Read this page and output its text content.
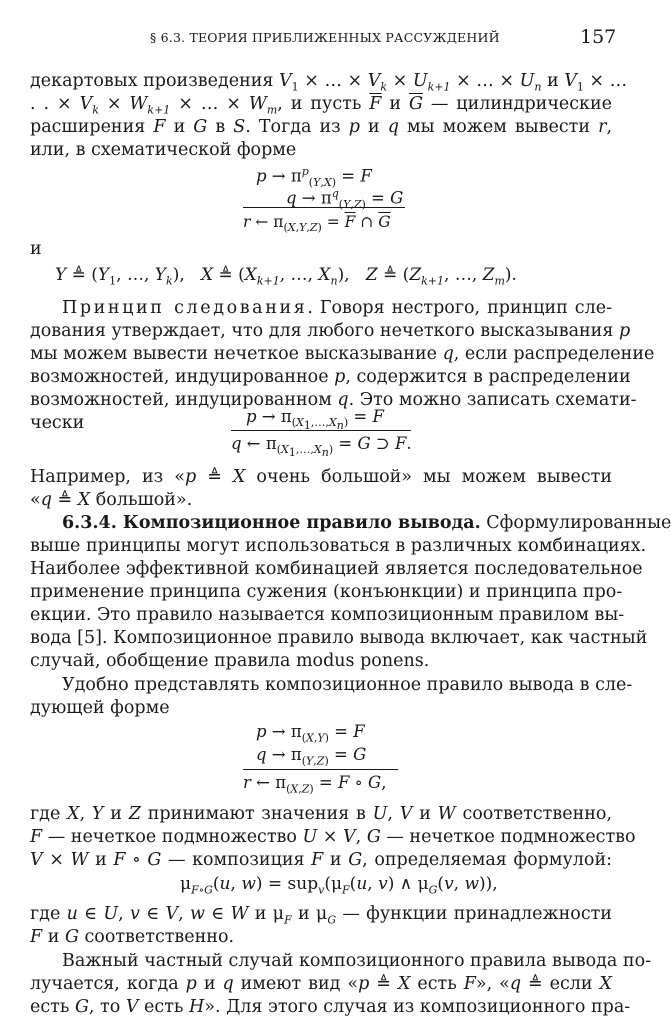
§ 6.3. ТЕОРИЯ ПРИБЛИЖЕННЫХ РАССУЖДЕНИЙ	157
декартовых произведения $V_1$ × … × $V_k \times U_{k+1}$ × … × $U_n$ и $V_1$ × …
. . × $V_k \times W_{k+1}$ × … × $W_m$, и пусть $\overline{F}$ и $\overline{G}$ — цилиндрические
расширения F и G в S. Тогда из p и q мы можем вывести r,
или, в схематической форме
$p \to \pi^p_{(Y,X)} = F$
$q \to \pi^q_{(Y,Z)} = G$
r ← $\pi_{(X,Y,Z)} = \overline{F}$ ∩ $\overline{G}$
и
Y ≜ ($Y_1$, …, $Y_k$),   X ≜ ($X_{k+1}$, …, $X_n$),   Z ≜ ($Z_{k+1}$, …, $Z_m$).
Принцип следования. Говоря нестрого, принцип сле-
дования утверждает, что для любого нечеткого высказывания p
мы можем вывести нечеткое высказывание q, если распределение
возможностей, индуцированное p, содержится в распределении
возможностей, индуцированном q. Это можно записать схемати-
чески	$p \to \pi_{(X_1,\dots,X_n)} = F$
q ← $\pi_{(X_1,\dots,X_n)} = G$ ⊃ F.
Например, из «p ≜ X очень большой» мы можем вывести
«q ≜ X большой».
6.3.4. Композиционное правило вывода. Сформулированные
выше принципы могут использоваться в различных комбинациях.
Наиболее эффективной комбинацией является последовательное
применение принципа сужения (конъюнкции) и принципа про-
екции. Это правило называется композиционным правилом вы-
вода [5]. Композиционное правило вывода включает, как частный
случай, обобщение правила modus ponens.
Удобно представлять композиционное правило вывода в сле-
дующей форме
$p \to \pi_{(X,Y)} = F$
$q \to \pi_{(Y,Z)} = G$
r ← $\pi_{(X,Z)} = F$ ∘ G,
где X, Y и Z принимают значения в U, V и W соответственно,
F — нечеткое подмножество U × V, G — нечеткое подмножество
V × W и F ∘ G — композиция F и G, определяемая формулой:
$\mu_{F\circ G}(u$, $w) = sup_v(\mu_F(u$, v) ∧ $\mu_G(v$, w)),
где u ∈ U, v ∈ V, w ∈ W и $\mu_F$ и $\mu_G$ — функции принадлежности
F и G соответственно.
Важный частный случай композиционного правила вывода по-
лучается, когда p и q имеют вид «p ≜ X есть F», «q ≜ если X
есть G, то V есть H». Для этого случая из композиционного пра-
